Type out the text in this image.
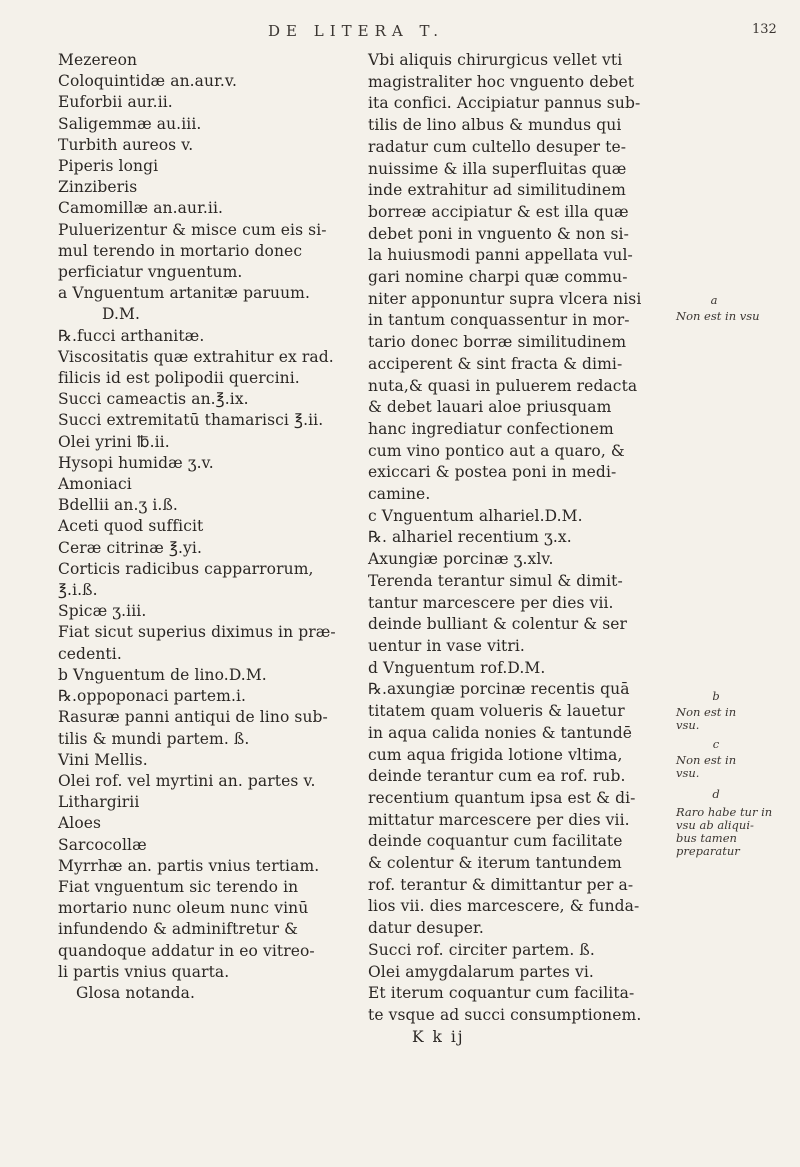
DE LITERA T.	132
Mezereon
Coloquintidæ an.aur.v.
Euforbii aur.ii.
Saligemmæ au.iii.
Turbith aureos v.
Piperis longi
Zinziberis
Camomillæ an.aur.ii.
Puluerizentur & misce cum eis si-
mul terendo in mortario donec
perficiatur vnguentum.
a Vnguentum artanitæ paruum.
D.M.
℞.fucci arthanitæ.
Viscositatis quæ extrahitur ex rad.
filicis id est polipodii quercini.
Succi cameactis an.℥.ix.
Succi extremitatū thamarisci ℥.ii.
Olei yrini ℔.ii.
Hysopi humidæ ʒ.v.
Amoniaci
Bdellii an.ʒ i.ß.
Aceti quod sufficit
Ceræ citrinæ ℥.yi.
Corticis radicibus capparrorum,
℥.i.ß.
Spicæ ʒ.iii.
Fiat sicut superius diximus in præ-
cedenti.
b Vnguentum de lino.D.M.
℞.oppoponaci partem.i.
Rasuræ panni antiqui de lino sub-
tilis & mundi partem. ß.
Vini Mellis.
Olei rof. vel myrtini an. partes v.
Lithargirii
Aloes
Sarcocollæ
Myrrhæ an. partis vnius tertiam.
Fiat vnguentum sic terendo in
mortario nunc oleum nunc vinū
infundendo & adminiftretur &
quandoque addatur in eo vitreo-
li partis vnius quarta.
Glosa notanda.
Vbi aliquis chirurgicus vellet vti
magistraliter hoc vnguento debet
ita confici. Accipiatur pannus sub-
tilis de lino albus & mundus qui
radatur cum cultello desuper te-
nuissime & illa superfluitas quæ
inde extrahitur ad similitudinem
borreæ accipiatur & est illa quæ
debet poni in vnguento & non si-
la huiusmodi panni appellata vul-
gari nomine charpi quæ commu-
niter apponuntur supra vlcera nisi
in tantum conquassentur in mor-
tario donec borræ similitudinem
acciperent & sint fracta & dimi-
nuta,& quasi in puluerem redacta
& debet lauari aloe priusquam
hanc ingrediatur confectionem
cum vino pontico aut a quaro, &
exiccari & postea poni in medi-
camine.
c Vnguentum alhariel.D.M.
℞. alhariel recentium ʒ.x.
Axungiæ porcinæ ʒ.xlv.
Terenda terantur simul & dimit-
tantur marcescere per dies vii.
deinde bulliant & colentur & ser
uentur in vase vitri.
d Vnguentum rof.D.M.
℞.axungiæ porcinæ recentis quā
titatem quam volueris & lauetur
in aqua calida nonies & tantundē
cum aqua frigida lotione vltima,
deinde terantur cum ea rof. rub.
recentium quantum ipsa est & di-
mittatur marcescere per dies vii.
deinde coquantur cum facilitate
& colentur & iterum tantundem
rof. terantur & dimittantur per a-
lios vii. dies marcescere, & funda-
datur desuper.
Succi rof. circiter partem. ß.
Olei amygdalarum partes vi.
Et iterum coquantur cum facilita-
te vsque ad succi consumptionem.
K k ij
a
Non est in vsu
b
Non est in vsu.
c
Non est in vsu.
d
Raro habe tur in vsu ab aliqui- bus tamen preparatur
